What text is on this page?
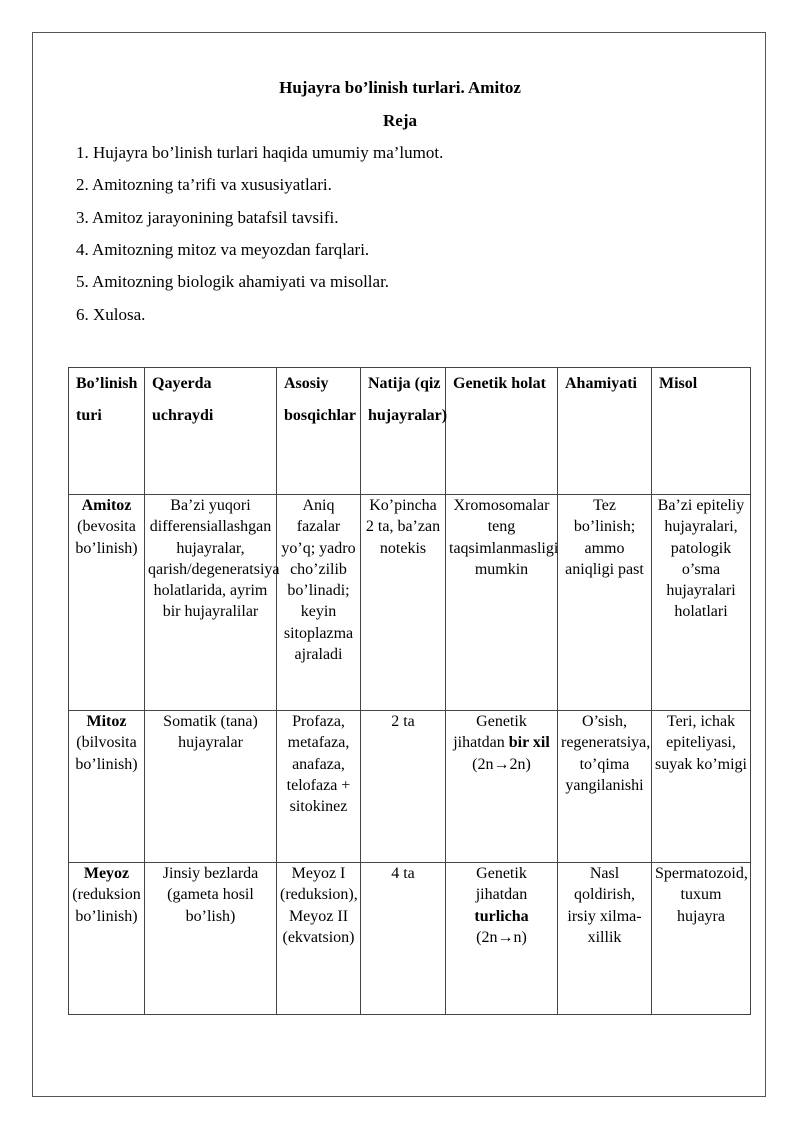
Hujayra bo’linish turlari. Amitoz
Reja
1. Hujayra bo’linish turlari haqida umumiy ma’lumot.
2. Amitozning ta’rifi va xususiyatlari.
3. Amitoz jarayonining batafsil tavsifi.
4. Amitozning mitoz va meyozdan farqlari.
5. Amitozning biologik ahamiyati va misollar.
6. Xulosa.
Bo’linish turi	Qayerda uchraydi	Asosiy bosqichlar	Natija (qiz hujayralar)	Genetik holat	Ahamiyati	Misol
Amitoz (bevosita bo’linish)	Ba’zi yuqori differensiallashgan hujayralar, qarish/degeneratsiya holatlarida, ayrim bir hujayralilar	Aniq fazalar yo’q; yadro cho’zilib bo’linadi; keyin sitoplazma ajraladi	Ko’pincha 2 ta, ba’zan notekis	Xromosomalar teng taqsimlanmasligi mumkin	Tez bo’linish; ammo aniqligi past	Ba’zi epiteliy hujayralari, patologik o’sma hujayralari holatlari
Mitoz (bilvosita bo’linish)	Somatik (tana) hujayralar	Profaza, metafaza, anafaza, telofaza + sitokinez	2 ta	Genetik jihatdan bir xil (2n→2n)	O’sish, regeneratsiya, to’qima yangilanishi	Teri, ichak epiteliyasi, suyak ko’migi
Meyoz (reduksion bo’linish)	Jinsiy bezlarda (gameta hosil bo’lish)	Meyoz I (reduksion), Meyoz II (ekvatsion)	4 ta	Genetik jihatdan turlicha (2n→n)	Nasl qoldirish, irsiy xilma-xillik	Spermatozoid, tuxum hujayra
